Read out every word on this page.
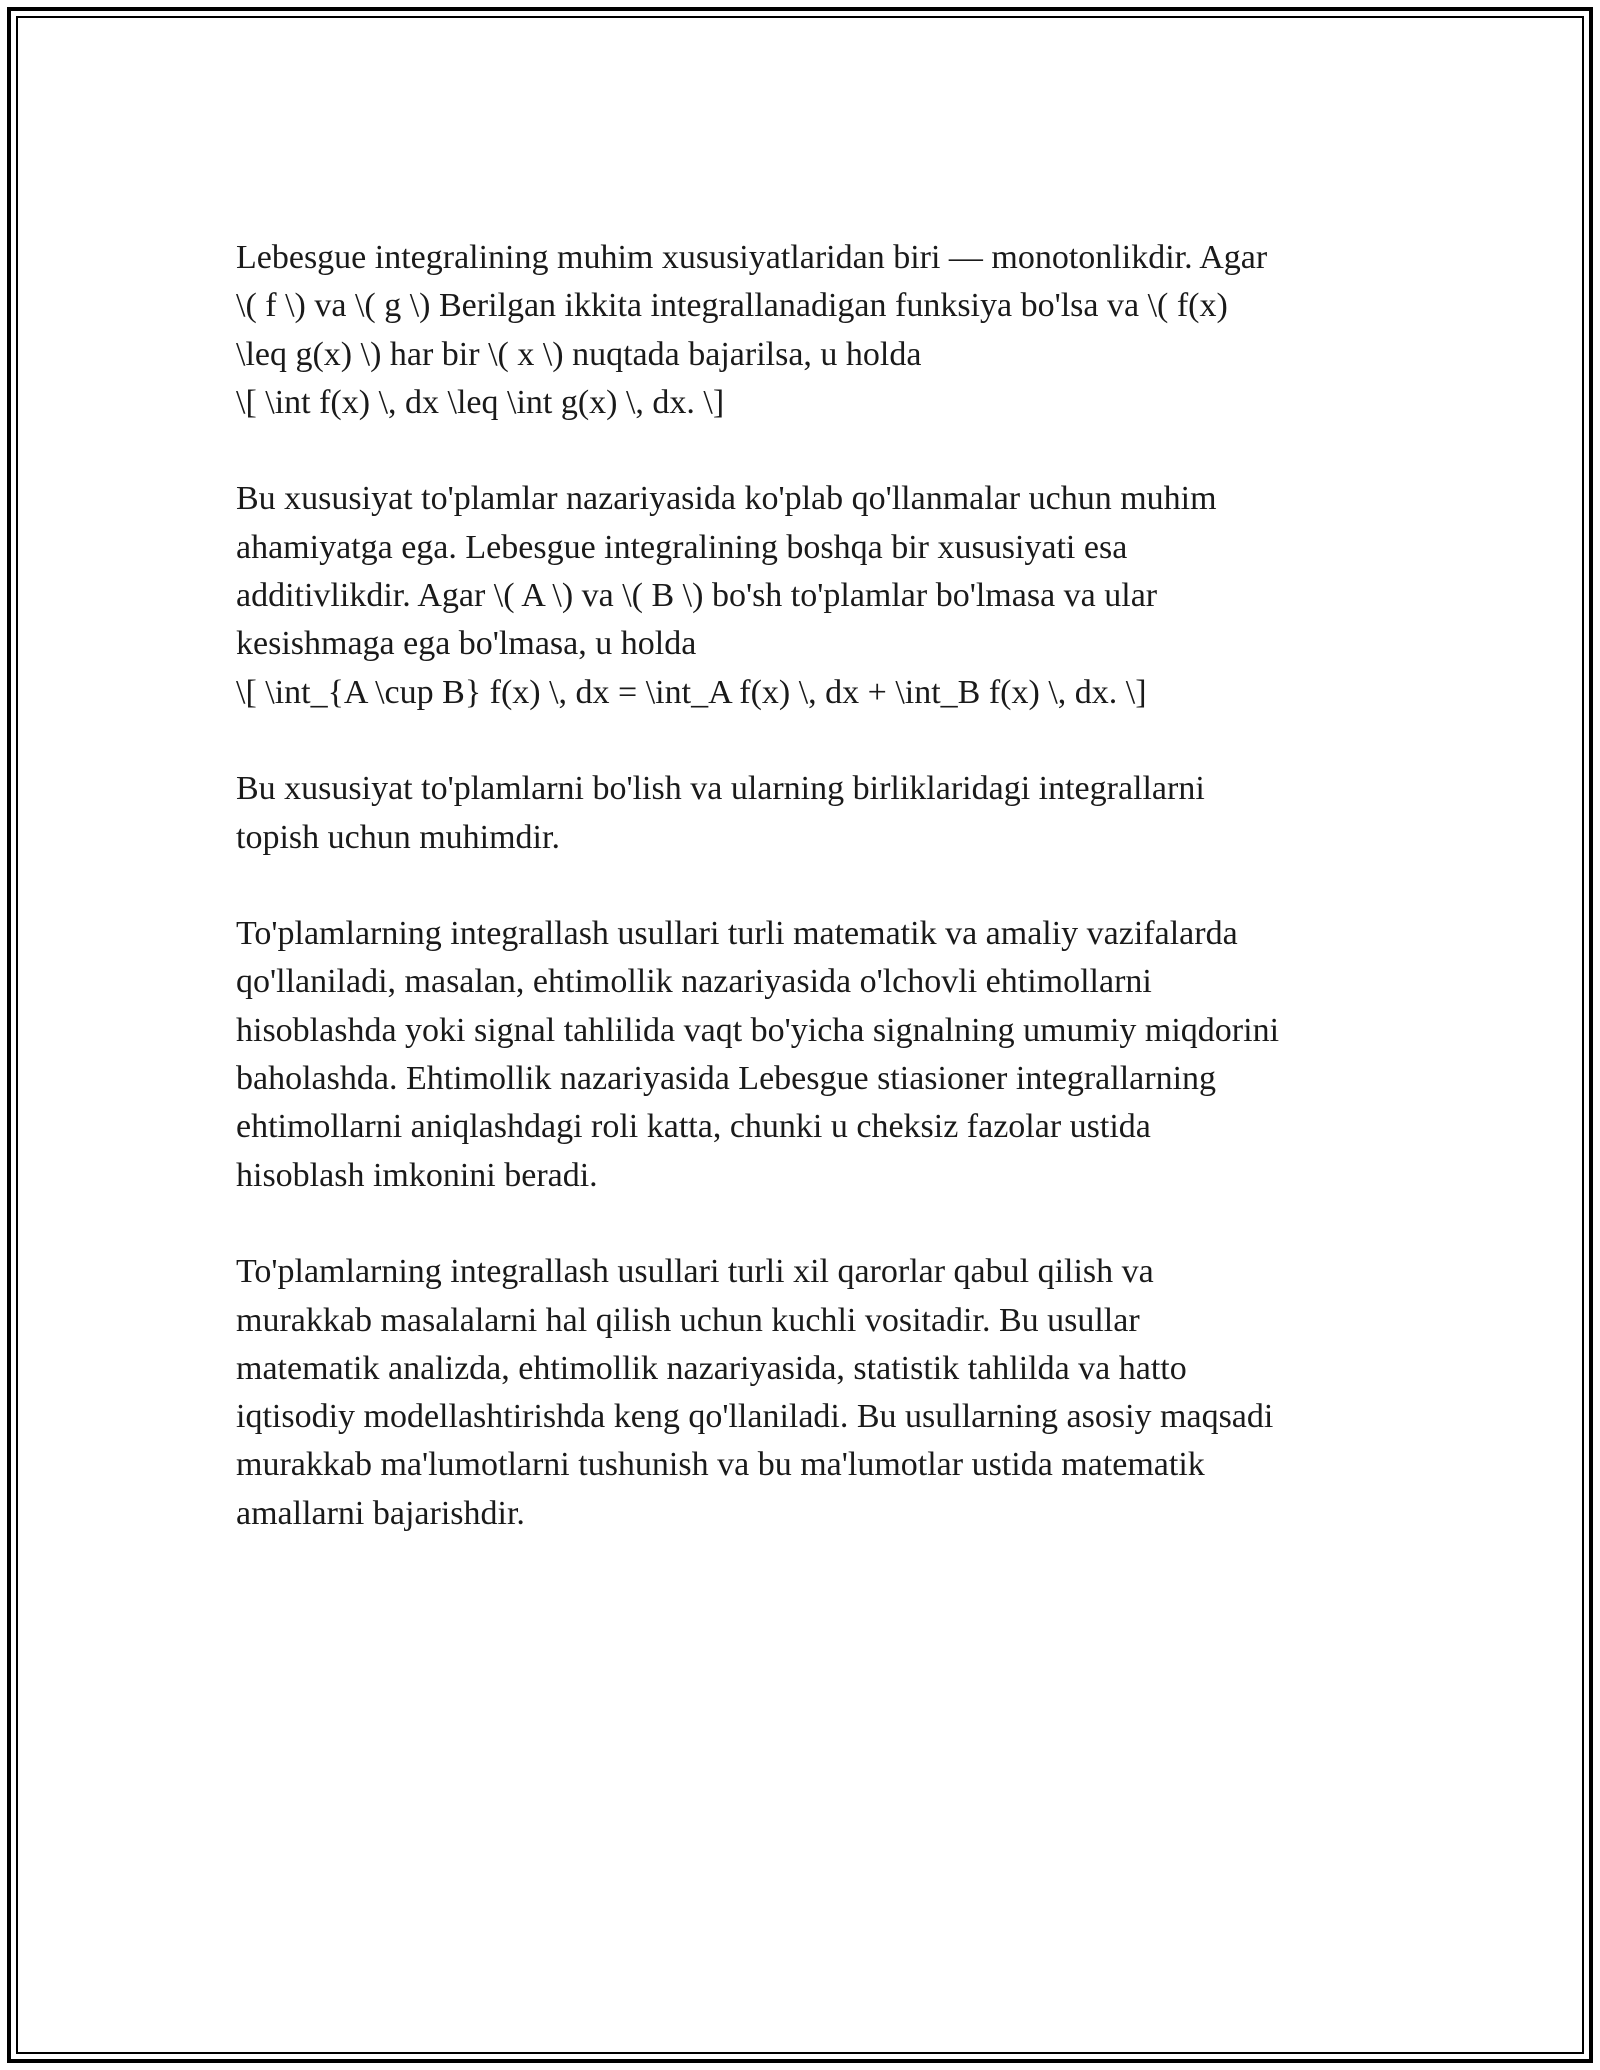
Lebesgue integralining muhim xususiyatlaridan biri — monotonlikdir. Agar
\( f \) va \( g \) Berilgan ikkita integrallanadigan funksiya bo'lsa va \( f(x)
\leq g(x) \) har bir \( x \) nuqtada bajarilsa, u holda
\[ \int f(x) \, dx \leq \int g(x) \, dx. \]

Bu xususiyat to'plamlar nazariyasida ko'plab qo'llanmalar uchun muhim
ahamiyatga ega. Lebesgue integralining boshqa bir xususiyati esa
additivlikdir. Agar \( A \) va \( B \) bo'sh to'plamlar bo'lmasa va ular
kesishmaga ega bo'lmasa, u holda
\[ \int_{A \cup B} f(x) \, dx = \int_A f(x) \, dx + \int_B f(x) \, dx. \]

Bu xususiyat to'plamlarni bo'lish va ularning birliklaridagi integrallarni
topish uchun muhimdir.

To'plamlarning integrallash usullari turli matematik va amaliy vazifalarda
qo'llaniladi, masalan, ehtimollik nazariyasida o'lchovli ehtimollarni
hisoblashda yoki signal tahlilida vaqt bo'yicha signalning umumiy miqdorini
baholashda. Ehtimollik nazariyasida Lebesgue stiasioner integrallarning
ehtimollarni aniqlashdagi roli katta, chunki u cheksiz fazolar ustida
hisoblash imkonini beradi.

To'plamlarning integrallash usullari turli xil qarorlar qabul qilish va
murakkab masalalarni hal qilish uchun kuchli vositadir. Bu usullar
matematik analizda, ehtimollik nazariyasida, statistik tahlilda va hatto
iqtisodiy modellashtirishda keng qo'llaniladi. Bu usullarning asosiy maqsadi
murakkab ma'lumotlarni tushunish va bu ma'lumotlar ustida matematik
amallarni bajarishdir.
